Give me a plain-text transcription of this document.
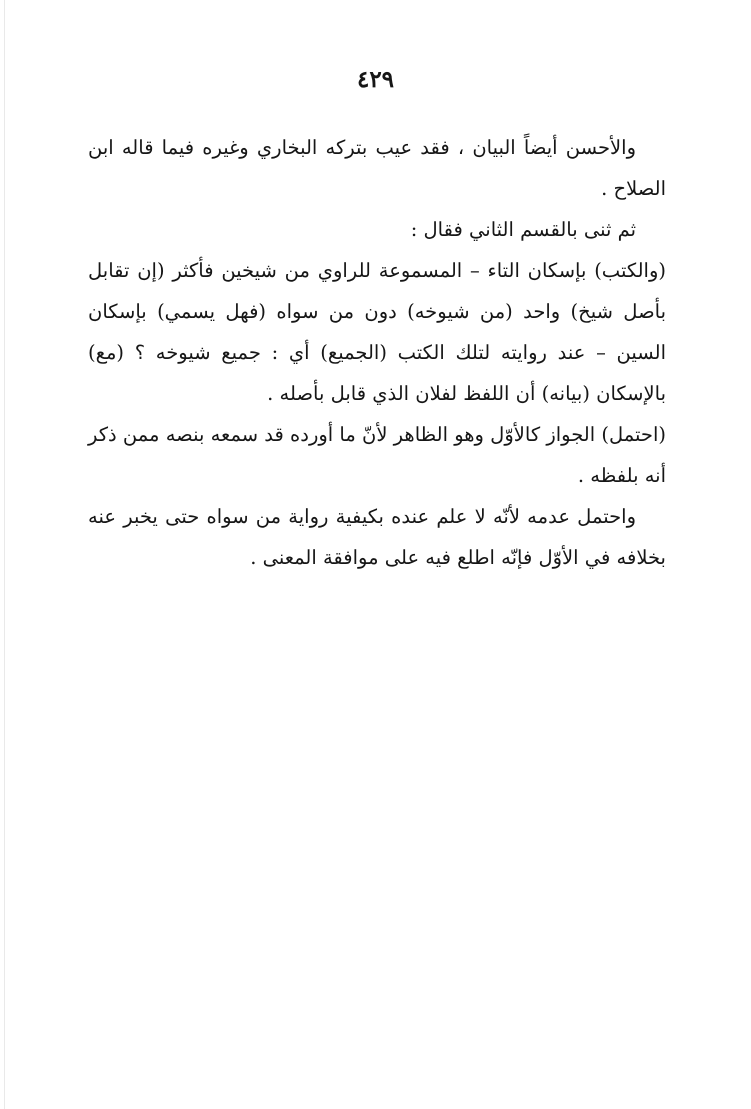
٤٢٩

والأحسن أيضاً البيان ، فقد عيب بتركه البخاري وغيره فيما قاله ابن الصلاح .

ثم ثنى بالقسم الثاني فقال :

(والكتب) بإسكان التاء – المسموعة للراوي من شيخين فأكثر (إن تقابل بأصل شيخ) واحد (من شيوخه) دون من سواه (فهل يسمي) بإسكان السين – عند روايته لتلك الكتب (الجميع) أي : جميع شيوخه ؟ (مع) بالإسكان (بيانه) أن اللفظ لفلان الذي قابل بأصله .

(احتمل) الجواز كالأوّل وهو الظاهر لأنّ ما أورده قد سمعه بنصه ممن ذكر أنه بلفظه .

واحتمل عدمه لأنّه لا علم عنده بكيفية رواية من سواه حتى يخبر عنه بخلافه في الأوّل فإنّه اطلع فيه على موافقة المعنى .
